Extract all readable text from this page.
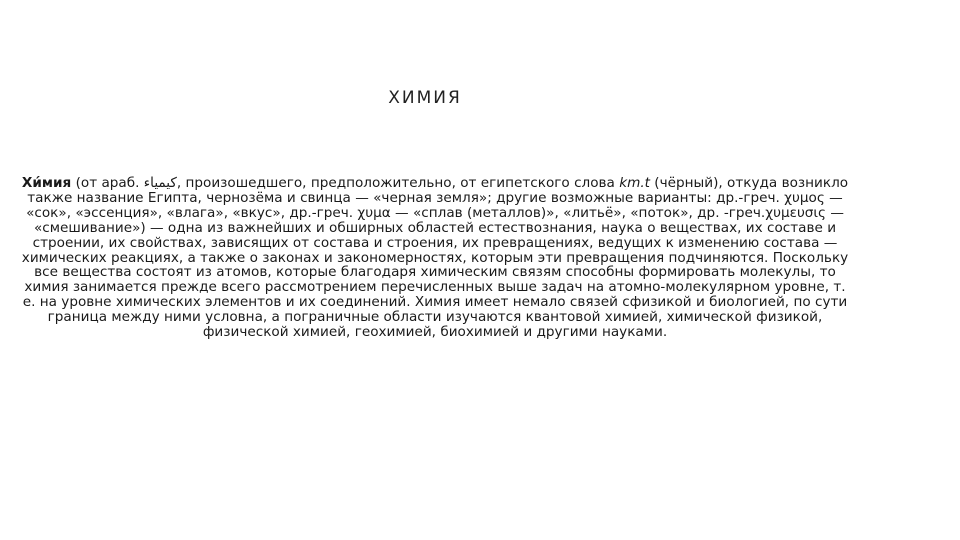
ХИМИЯ

Хи́мия (от араб. كيمياء, произошедшего, предположительно, от египетского слова km.t (чёрный), откуда возникло также название Египта, чернозёма и свинца — «черная земля»; другие возможные варианты: др.-греч. χυμος — «сок», «эссенция», «влага», «вкус», др.-греч. χυμα — «сплав (металлов)», «литьё», «поток», др. -греч.χυμευσις — «смешивание») — одна из важнейших и обширных областей естествознания, наука о веществах, их составе и строении, их свойствах, зависящих от состава и строения, их превращениях, ведущих к изменению состава — химических реакциях, а также о законах и закономерностях, которым эти превращения подчиняются. Поскольку все вещества состоят из атомов, которые благодаря химическим связям способны формировать молекулы, то химия занимается прежде всего рассмотрением перечисленных выше задач на атомно-молекулярном уровне, т. е. на уровне химических элементов и их соединений. Химия имеет немало связей сфизикой и биологией, по сути граница между ними условна, а пограничные области изучаются квантовой химией, химической физикой, физической химией, геохимией, биохимией и другими науками.
